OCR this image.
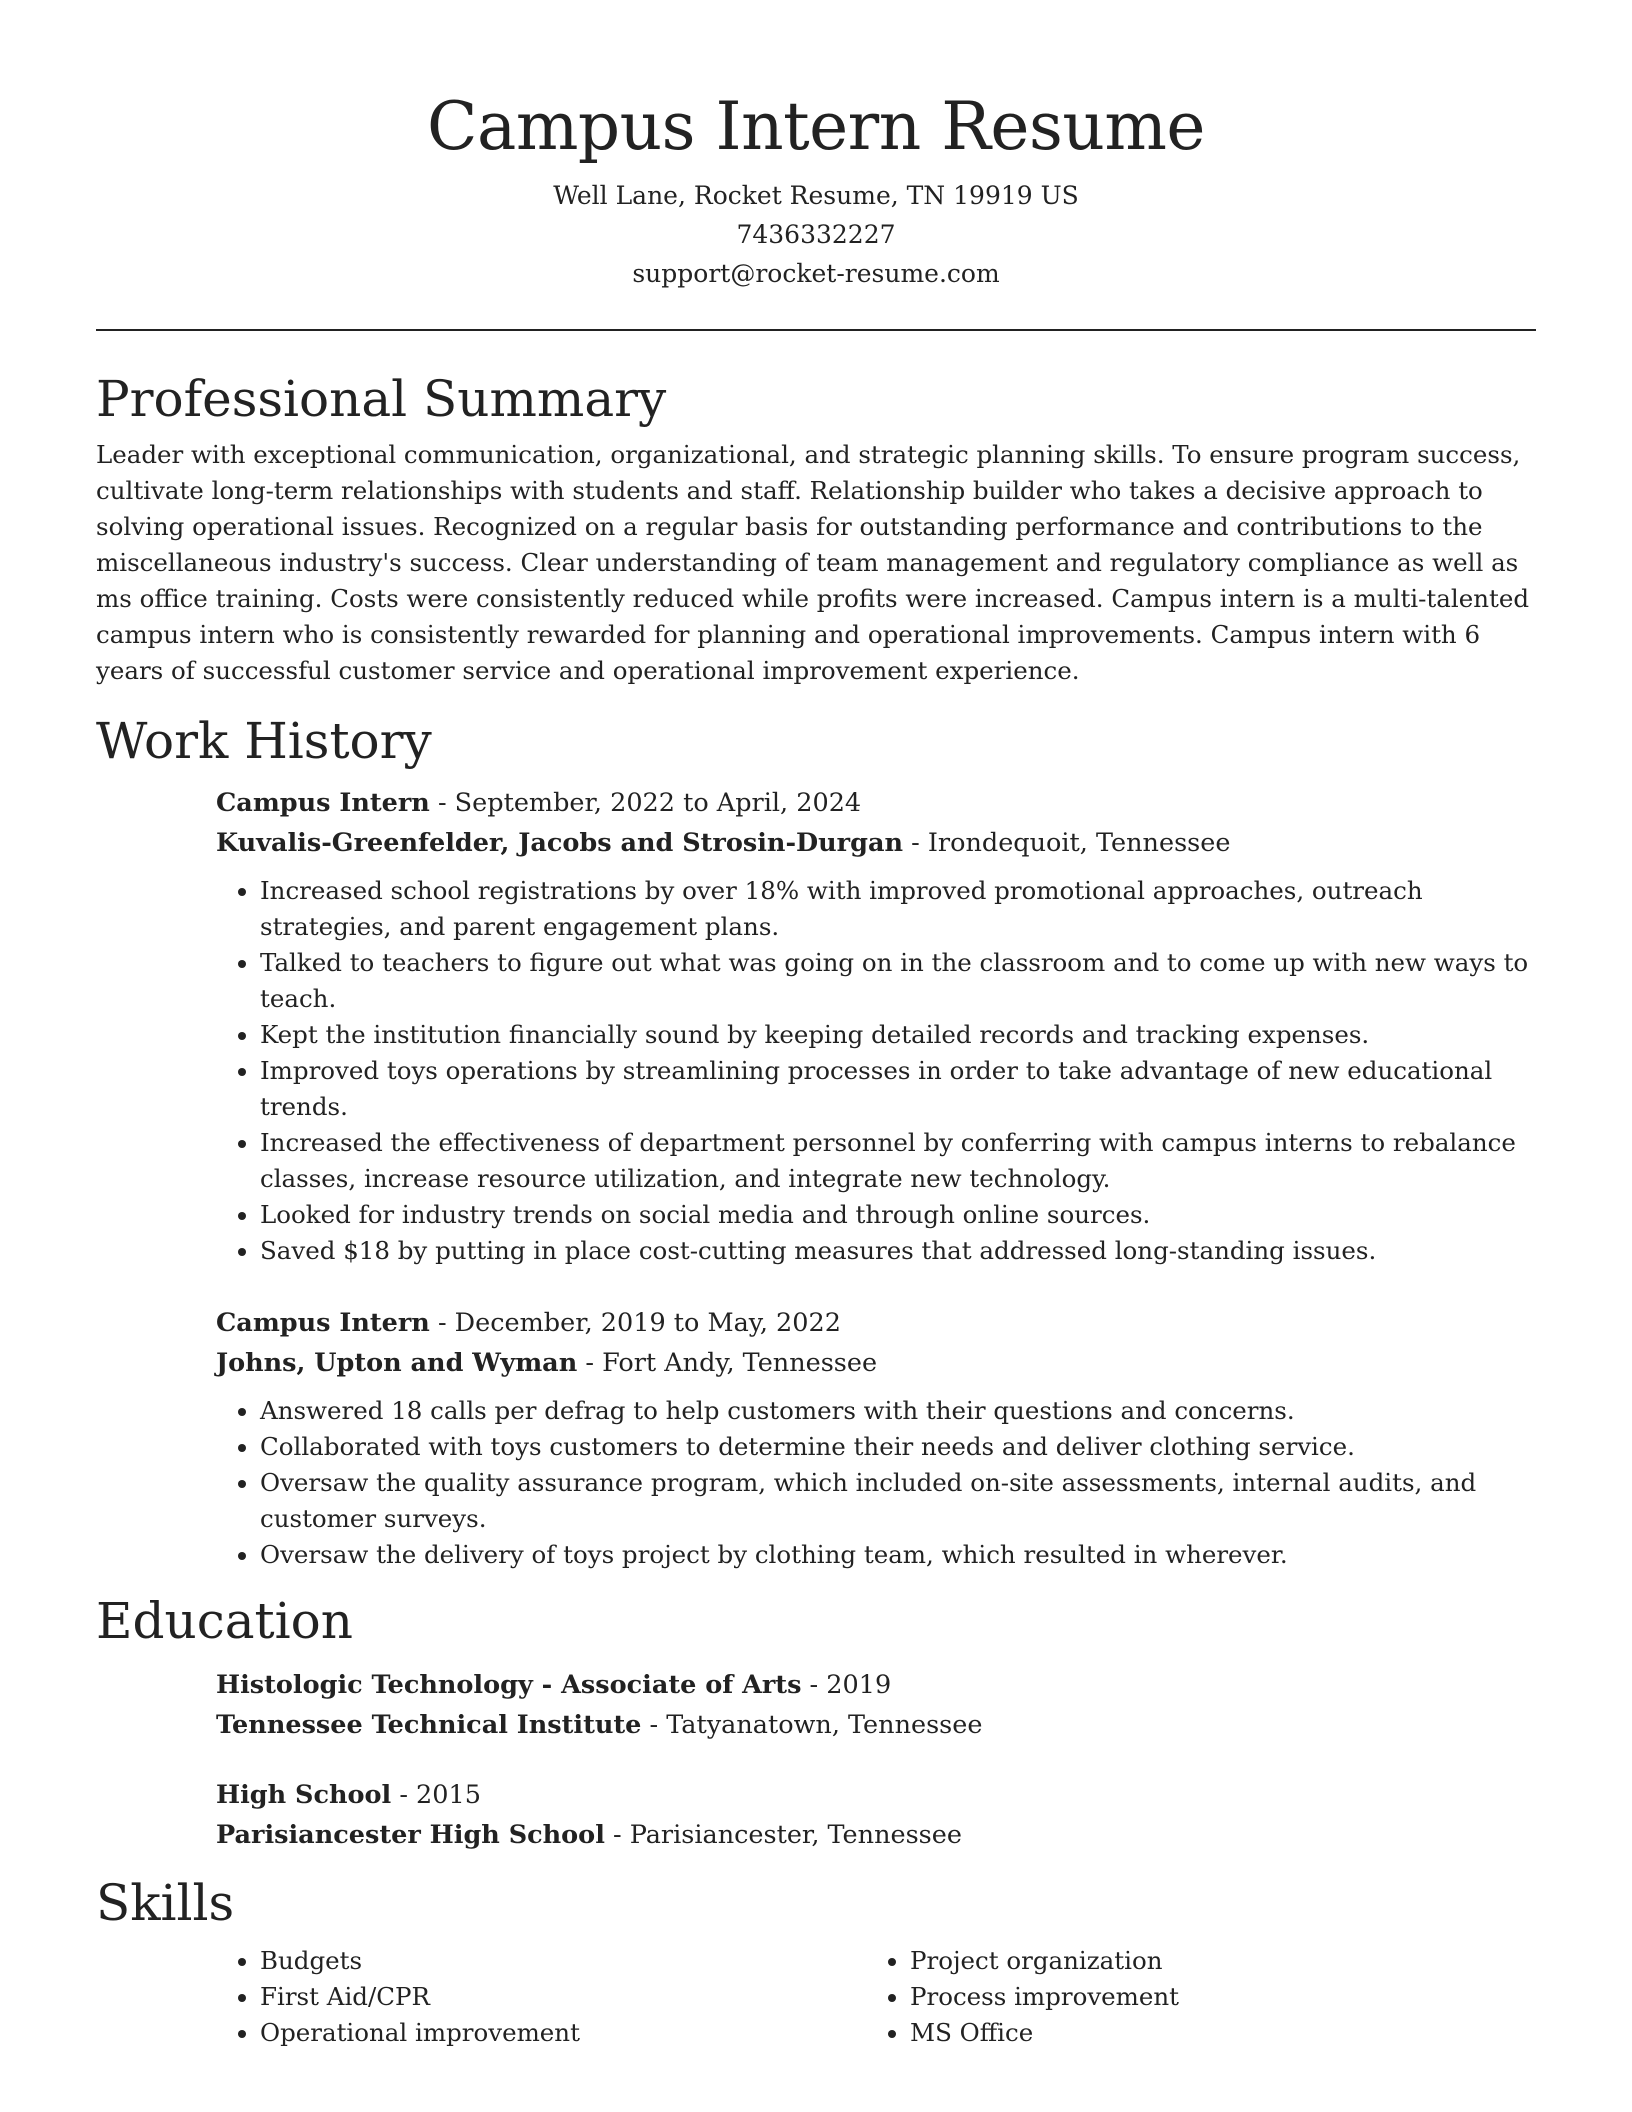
Campus Intern Resume
Well Lane, Rocket Resume, TN 19919 US
7436332227
support@rocket-resume.com
Professional Summary

Leader with exceptional communication, organizational, and strategic planning skills. To ensure program success, cultivate long-term relationships with students and staff. Relationship builder who takes a decisive approach to solving operational issues. Recognized on a regular basis for outstanding performance and contributions to the miscellaneous industry's success. Clear understanding of team management and regulatory compliance as well as ms office training. Costs were consistently reduced while profits were increased. Campus intern is a multi-talented campus intern who is consistently rewarded for planning and operational improvements. Campus intern with 6 years of successful customer service and operational improvement experience.

Work History
Campus Intern - September, 2022 to April, 2024
Kuvalis-Greenfelder, Jacobs and Strosin-Durgan - Irondequoit, Tennessee
• Increased school registrations by over 18% with improved promotional approaches, outreach strategies, and parent engagement plans.
• Talked to teachers to figure out what was going on in the classroom and to come up with new ways to teach.
• Kept the institution financially sound by keeping detailed records and tracking expenses.
• Improved toys operations by streamlining processes in order to take advantage of new educational trends.
• Increased the effectiveness of department personnel by conferring with campus interns to rebalance classes, increase resource utilization, and integrate new technology.
• Looked for industry trends on social media and through online sources.
• Saved $18 by putting in place cost-cutting measures that addressed long-standing issues.
Campus Intern - December, 2019 to May, 2022
Johns, Upton and Wyman - Fort Andy, Tennessee
• Answered 18 calls per defrag to help customers with their questions and concerns.
• Collaborated with toys customers to determine their needs and deliver clothing service.
• Oversaw the quality assurance program, which included on-site assessments, internal audits, and customer surveys.
• Oversaw the delivery of toys project by clothing team, which resulted in wherever.
Education
Histologic Technology - Associate of Arts - 2019
Tennessee Technical Institute - Tatyanatown, Tennessee
High School - 2015
Parisiancester High School - Parisiancester, Tennessee
Skills
• Budgets
• First Aid/CPR
• Operational improvement
• Project organization
• Process improvement
• MS Office
